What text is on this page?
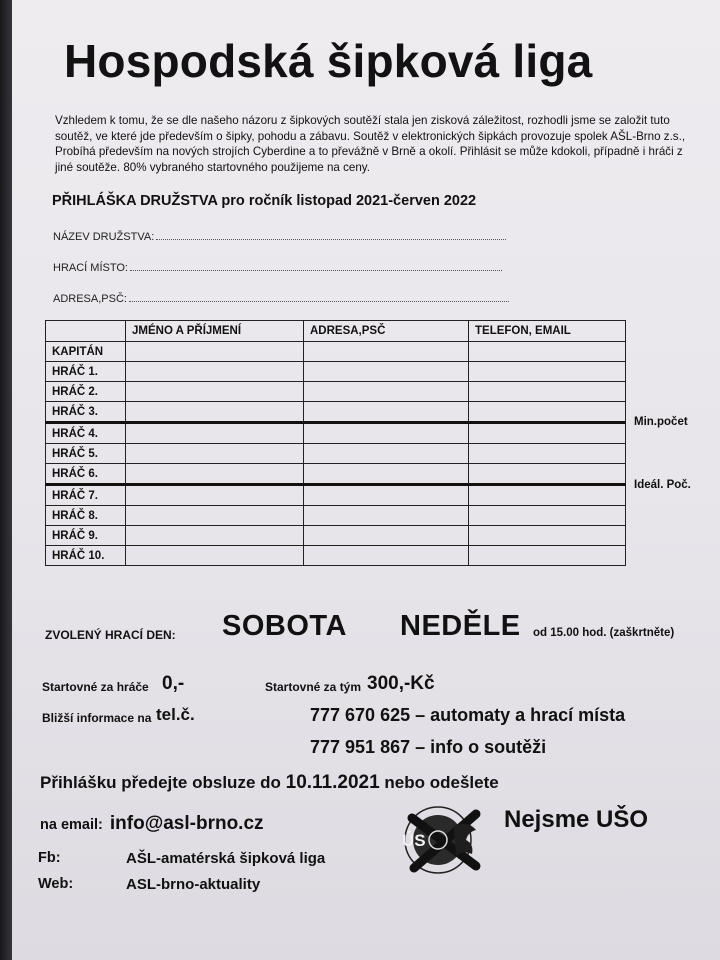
Hospodská šipková liga
Vzhledem k tomu, že se dle našeho názoru z šipkových soutěží stala jen zisková záležitost, rozhodli jsme se založit tuto soutěž, ve které jde především o šipky, pohodu a zábavu. Soutěž v elektronických šipkách provozuje spolek AŠL-Brno z.s., Probíhá především na nových strojích Cyberdine a to převážně v Brně a okolí. Přihlásit se může kdokoli, případně i hráči z jiné soutěže. 80% vybraného startovného použijeme na ceny.
PŘIHLÁŠKA DRUŽSTVA pro ročník listopad 2021-červen 2022
NÁZEV DRUŽSTVA:
HRACÍ MÍSTO:
ADRESA,PSČ:
	JMÉNO A PŘÍJMENÍ	ADRESA,PSČ	TELEFON, EMAIL
KAPITÁN			
HRÁČ 1.			
HRÁČ 2.			
HRÁČ 3.			
HRÁČ 4.			
HRÁČ 5.			
HRÁČ 6.			
HRÁČ 7.			
HRÁČ 8.			
HRÁČ 9.			
HRÁČ 10.			
Min.počet
Ideál. Poč.
ZVOLENÝ HRACÍ DEN: SOBOTA NEDĚLE od 15.00 hod. (zaškrtněte)
Startovné za hráče 0,-	Startovné za tým 300,-Kč
Bližší informace na tel.č.	777 670 625 – automaty a hrací místa
777 951 867 – info o soutěži
Přihlášku předejte obsluze do 10.11.2021 nebo odešlete
na email: info@asl-brno.cz
Fb:	AŠL-amatérská šipková liga
Web:	ASL-brno-aktuality
ÚS
Nejsme UŠO
